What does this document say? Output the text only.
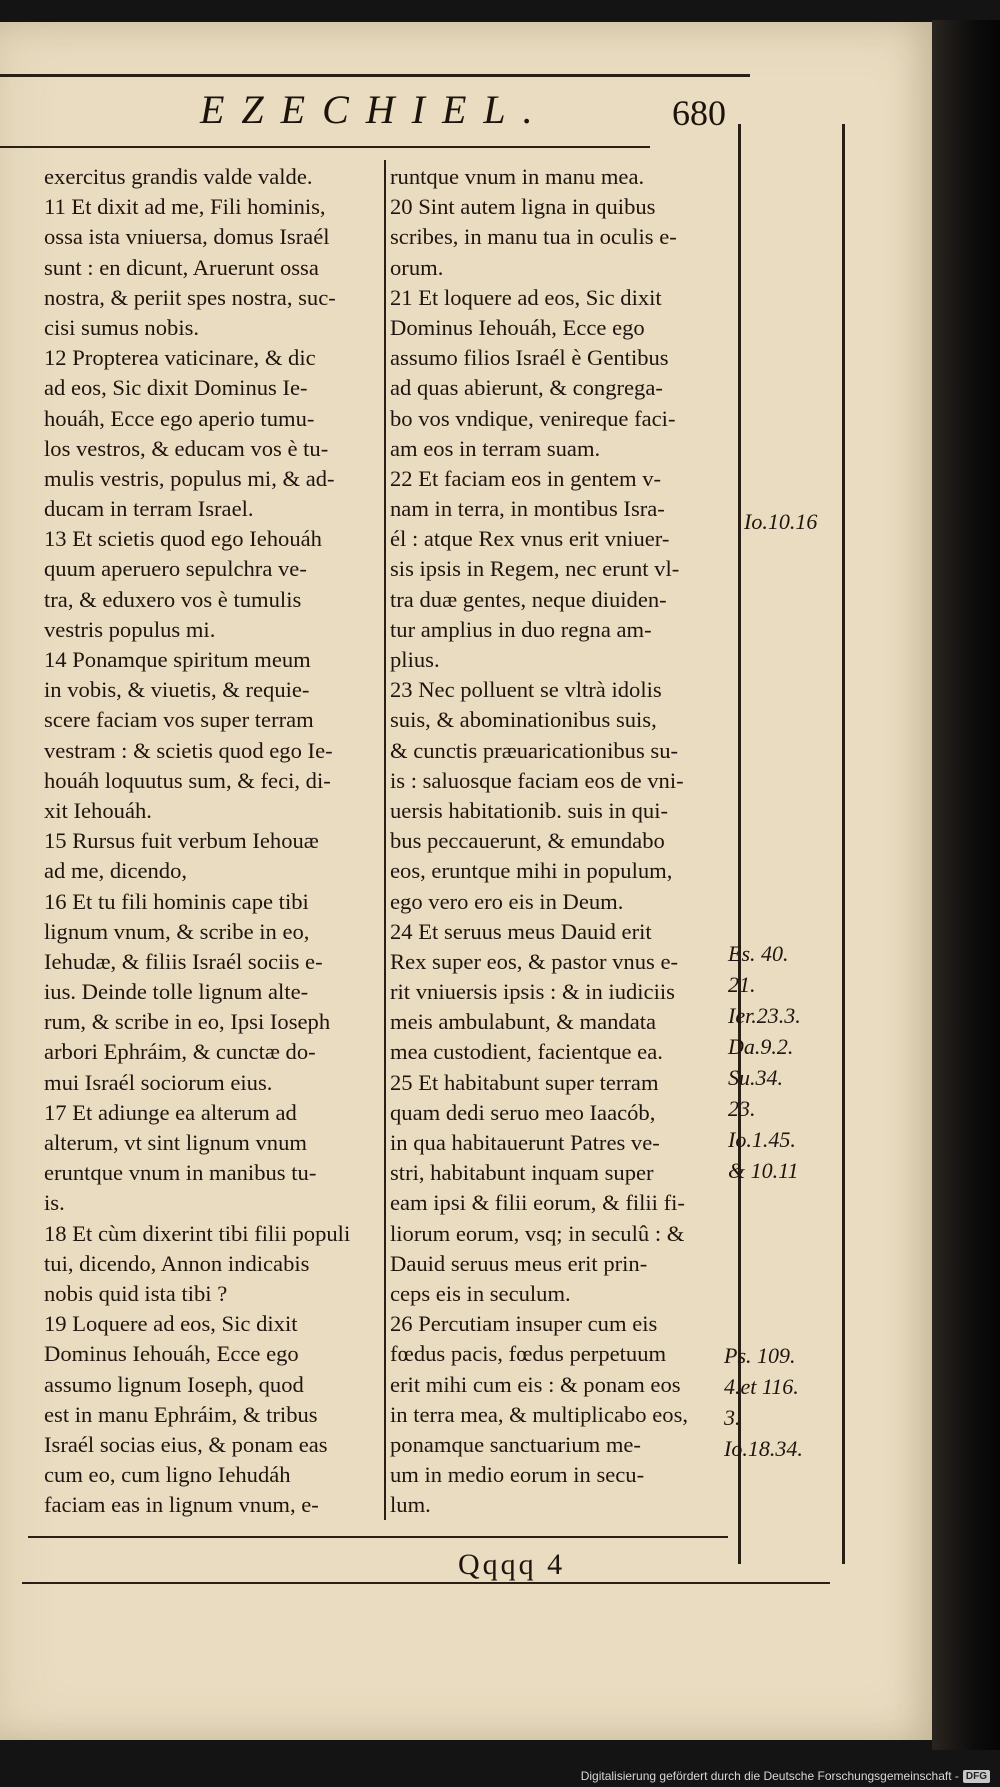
EZECHIEL.	680
exercitus grandis valde valde.
11 Et dixit ad me, Fili hominis,
ossa ista vniuersa, domus Israél
sunt : en dicunt, Aruerunt ossa
nostra, & periit spes nostra, suc-
cisi sumus nobis.
12 Propterea vaticinare, & dic
ad eos, Sic dixit Dominus Ie-
houáh, Ecce ego aperio tumu-
los vestros, & educam vos è tu-
mulis vestris, populus mi, & ad-
ducam in terram Israel.
13 Et scietis quod ego Iehouáh
quum aperuero sepulchra ve-
tra, & eduxero vos è tumulis
vestris populus mi.
14 Ponamque spiritum meum
in vobis, & viuetis, & requie-
scere faciam vos super terram
vestram : & scietis quod ego Ie-
houáh loquutus sum, & feci, di-
xit Iehouáh.
15 Rursus fuit verbum Iehouæ
ad me, dicendo,
16 Et tu fili hominis cape tibi
lignum vnum, & scribe in eo,
Iehudæ, & filiis Israél sociis e-
ius. Deinde tolle lignum alte-
rum, & scribe in eo, Ipsi Ioseph
arbori Ephráim, & cunctæ do-
mui Israél sociorum eius.
17 Et adiunge ea alterum ad
alterum, vt sint lignum vnum
eruntque vnum in manibus tu-
is.
18 Et cùm dixerint tibi filii populi
tui, dicendo, Annon indicabis
nobis quid ista tibi ?
19 Loquere ad eos, Sic dixit
Dominus Iehouáh, Ecce ego
assumo lignum Ioseph, quod
est in manu Ephráim, & tribus
Israél socias eius, & ponam eas
cum eo, cum ligno Iehudáh
faciam eas in lignum vnum, e-
runtque vnum in manu mea.
20 Sint autem ligna in quibus
scribes, in manu tua in oculis e-
orum.
21 Et loquere ad eos, Sic dixit
Dominus Iehouáh, Ecce ego
assumo filios Israél è Gentibus
ad quas abierunt, & congrega-
bo vos vndique, venireque faci-
am eos in terram suam.
22 Et faciam eos in gentem v-
nam in terra, in montibus Isra-
él : atque Rex vnus erit vniuer-
sis ipsis in Regem, nec erunt vl-
tra duæ gentes, neque diuiden-
tur amplius in duo regna am-
plius.
23 Nec polluent se vltrà idolis
suis, & abominationibus suis,
& cunctis præuaricationibus su-
is : saluosque faciam eos de vni-
uersis habitationib. suis in qui-
bus peccauerunt, & emundabo
eos, eruntque mihi in populum,
ego vero ero eis in Deum.
24 Et seruus meus Dauid erit
Rex super eos, & pastor vnus e-
rit vniuersis ipsis : & in iudiciis
meis ambulabunt, & mandata
mea custodient, facientque ea.
25 Et habitabunt super terram
quam dedi seruo meo Iaacób,
in qua habitauerunt Patres ve-
stri, habitabunt inquam super
eam ipsi & filii eorum, & filii fi-
liorum eorum, vsq; in seculû : &
Dauid seruus meus erit prin-
ceps eis in seculum.
26 Percutiam insuper cum eis
fœdus pacis, fœdus perpetuum
erit mihi cum eis : & ponam eos
in terra mea, & multiplicabo eos,
ponamque sanctuarium me-
um in medio eorum in secu-
lum.
Io.10.16
Es. 40.
21.
Ier.23.3.
Da.9.2.
Su.34.
23.
Io.1.45.
& 10.11
Ps. 109.
4.et 116.
3.
Io.18.34.
Qqqq 4
Digitalisierung gefördert durch die Deutsche Forschungsgemeinschaft - DFG
